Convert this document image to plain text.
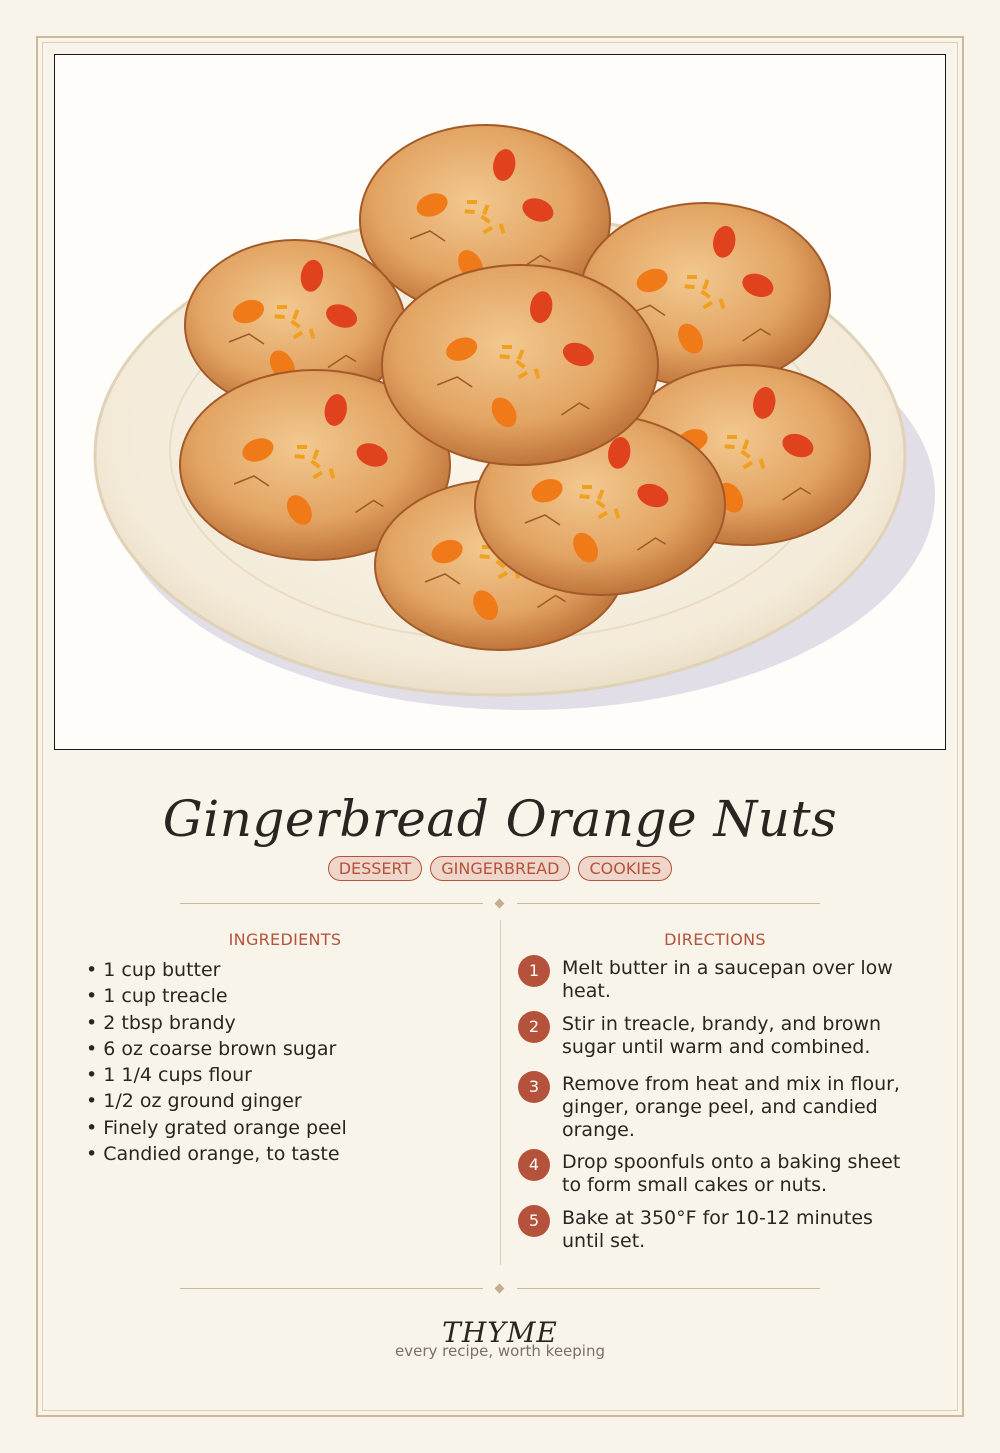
Gingerbread Orange Nuts
DESSERT	GINGERBREAD	COOKIES
INGREDIENTS	DIRECTIONS
• 1 cup butter
• 1 cup treacle
• 2 tbsp brandy
• 6 oz coarse brown sugar
• 1 1/4 cups flour
• 1/2 oz ground ginger
• Finely grated orange peel
• Candied orange, to taste
1	Melt butter in a saucepan over low heat.
2	Stir in treacle, brandy, and brown sugar until warm and combined.
3	Remove from heat and mix in flour, ginger, orange peel, and candied orange.
4	Drop spoonfuls onto a baking sheet to form small cakes or nuts.
5	Bake at 350°F for 10-12 minutes until set.
THYME
every recipe, worth keeping
